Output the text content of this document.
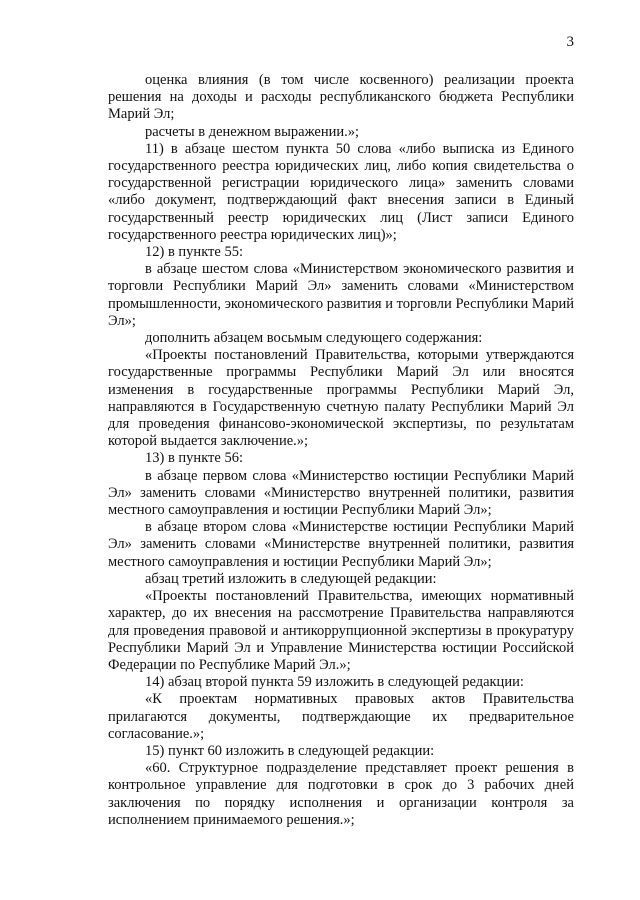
3

оценка влияния (в том числе косвенного) реализации проекта решения на доходы и расходы республиканского бюджета Республики Марий Эл;

расчеты в денежном выражении.»;

11) в абзаце шестом пункта 50 слова «либо выписка из Единого государственного реестра юридических лиц, либо копия свидетельства о государственной регистрации юридического лица» заменить словами «либо документ, подтверждающий факт внесения записи в Единый государственный реестр юридических лиц (Лист записи Единого государственного реестра юридических лиц)»;

12) в пункте 55:

в абзаце шестом слова «Министерством экономического развития и торговли Республики Марий Эл» заменить словами «Министерством промышленности, экономического развития и торговли Республики Марий Эл»;

дополнить абзацем восьмым следующего содержания:

«Проекты постановлений Правительства, которыми утверждаются государственные программы Республики Марий Эл или вносятся изменения в государственные программы Республики Марий Эл, направляются в Государственную счетную палату Республики Марий Эл для проведения финансово-экономической экспертизы, по результатам которой выдается заключение.»;

13) в пункте 56:

в абзаце первом слова «Министерство юстиции Республики Марий Эл» заменить словами «Министерство внутренней политики, развития местного самоуправления и юстиции Республики Марий Эл»;

в абзаце втором слова «Министерстве юстиции Республики Марий Эл» заменить словами «Министерстве внутренней политики, развития местного самоуправления и юстиции Республики Марий Эл»;

абзац третий изложить в следующей редакции:

«Проекты постановлений Правительства, имеющих нормативный характер, до их внесения на рассмотрение Правительства направляются для проведения правовой и антикоррупционной экспертизы в прокуратуру Республики Марий Эл и Управление Министерства юстиции Российской Федерации по Республике Марий Эл.»;

14) абзац второй пункта 59 изложить в следующей редакции:

«К проектам нормативных правовых актов Правительства прилагаются документы, подтверждающие их предварительное согласование.»;

15) пункт 60 изложить в следующей редакции:

«60. Структурное подразделение представляет проект решения в контрольное управление для подготовки в срок до 3 рабочих дней заключения по порядку исполнения и организации контроля за исполнением принимаемого решения.»;
